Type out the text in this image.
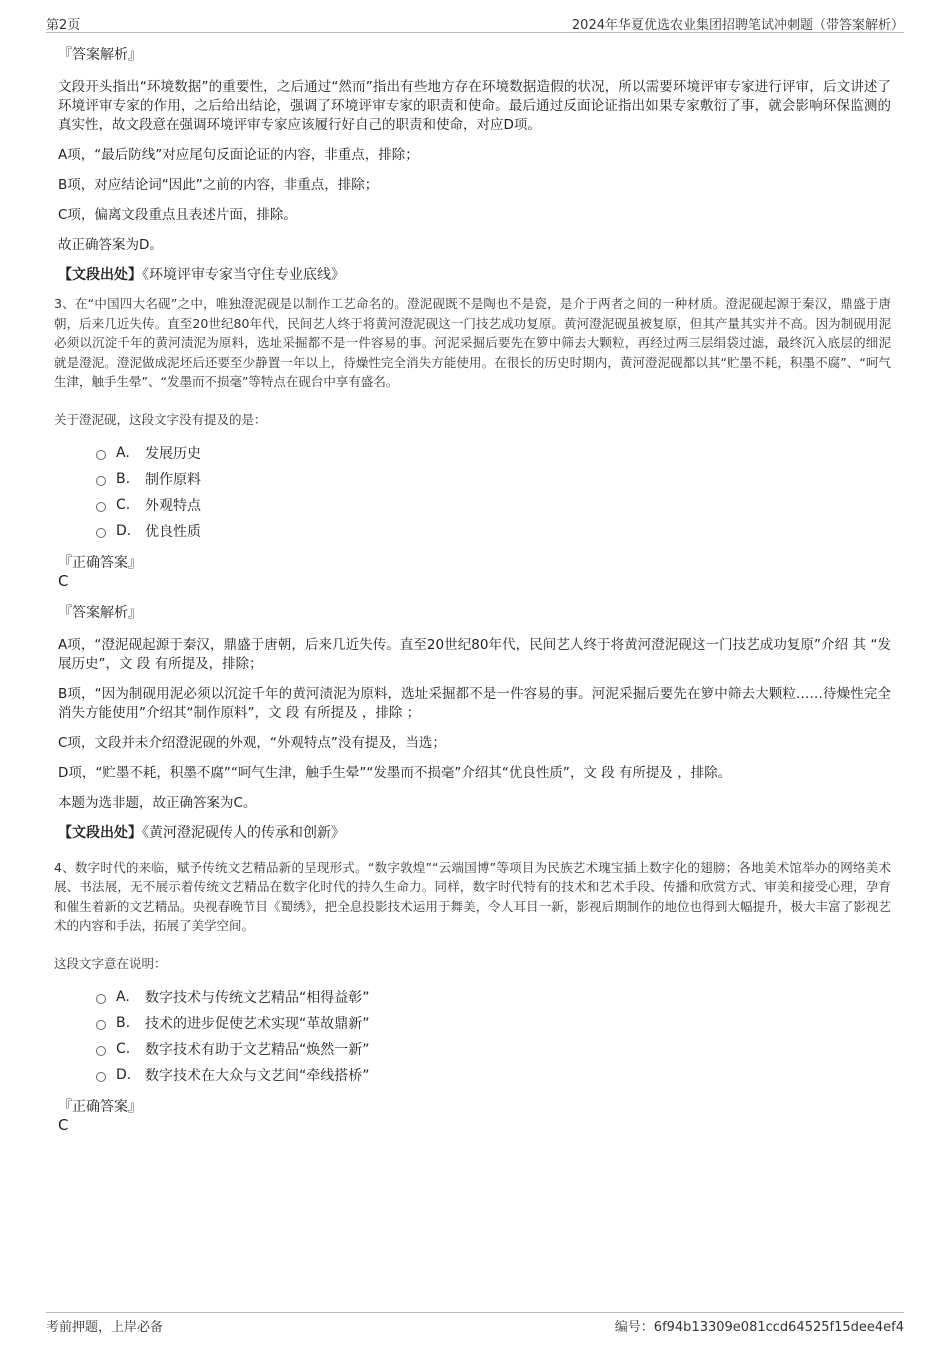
第2页	2024年华夏优选农业集团招聘笔试冲刺题（带答案解析）
『答案解析』

文段开头指出“环境数据”的重要性，之后通过“然而”指出有些地方存在环境数据造假的状况，所以需要环境评审专家进行评审，后文讲述了环境评审专家的作用，之后给出结论，强调了环境评审专家的职责和使命。最后通过反面论证指出如果专家敷衍了事，就会影响环保监测的真实性，故文段意在强调环境评审专家应该履行好自己的职责和使命，对应D项。

A项，“最后防线”对应尾句反面论证的内容，非重点，排除；

B项，对应结论词“因此”之前的内容，非重点，排除；

C项，偏离文段重点且表述片面，排除。

故正确答案为D。

【文段出处】《环境评审专家当守住专业底线》

3、在“中国四大名砚”之中，唯独澄泥砚是以制作工艺命名的。澄泥砚既不是陶也不是瓷，是介于两者之间的一种材质。澄泥砚起源于秦汉，鼎盛于唐朝，后来几近失传。直至20世纪80年代，民间艺人终于将黄河澄泥砚这一门技艺成功复原。黄河澄泥砚虽被复原，但其产量其实并不高。因为制砚用泥必须以沉淀千年的黄河渍泥为原料，选址采掘都不是一件容易的事。河泥采掘后要先在箩中筛去大颗粒，再经过两三层绢袋过滤，最终沉入底层的细泥就是澄泥。澄泥做成泥坯后还要至少静置一年以上，待燥性完全消失方能使用。在很长的历史时期内，黄河澄泥砚都以其“贮墨不耗，积墨不腐”、“呵气生津，触手生晕”、“发墨而不损毫”等特点在砚台中享有盛名。

关于澄泥砚，这段文字没有提及的是：
A.	发展历史
B.	制作原料
C.	外观特点
D. 优良性质
『正确答案』
C
『答案解析』

A项，“澄泥砚起源于秦汉，鼎盛于唐朝，后来几近失传。直至20世纪80年代，民间艺人终于将黄河澄泥砚这一门技艺成功复原”介绍 其 “发展历史”，文 段 有所提及，排除；

B项，“因为制砚用泥必须以沉淀千年的黄河渍泥为原料，选址采掘都不是一件容易的事。河泥采掘后要先在箩中筛去大颗粒……待燥性完全消失方能使用”介绍其“制作原料”，文 段 有所提及 ，排除 ；

C项，文段并未介绍澄泥砚的外观，“外观特点”没有提及，当选；

D项，“贮墨不耗，积墨不腐”“呵气生津，触手生晕”“发墨而不损毫”介绍其“优良性质”，文 段 有所提及 ，排除。

本题为选非题，故正确答案为C。

【文段出处】《黄河澄泥砚传人的传承和创新》

4、数字时代的来临，赋予传统文艺精品新的呈现形式。“数字敦煌”“云端国博”等项目为民族艺术瑰宝插上数字化的翅膀；各地美术馆举办的网络美术展、书法展，无不展示着传统文艺精品在数字化时代的持久生命力。同样，数字时代特有的技术和艺术手段、传播和欣赏方式、审美和接受心理，孕育和催生着新的文艺精品。央视春晚节目《蜀绣》，把全息投影技术运用于舞美，令人耳目一新，影视后期制作的地位也得到大幅提升，极大丰富了影视艺术的内容和手法，拓展了美学空间。

这段文字意在说明：
A.	数字技术与传统文艺精品“相得益彰”
B.	技术的进步促使艺术实现“革故鼎新”
C.	数字技术有助于文艺精品“焕然一新”
D. 数字技术在大众与文艺间“牵线搭桥”
『正确答案』
C
考前押题，上岸必备	编号：6f94b13309e081ccd64525f15dee4ef4
